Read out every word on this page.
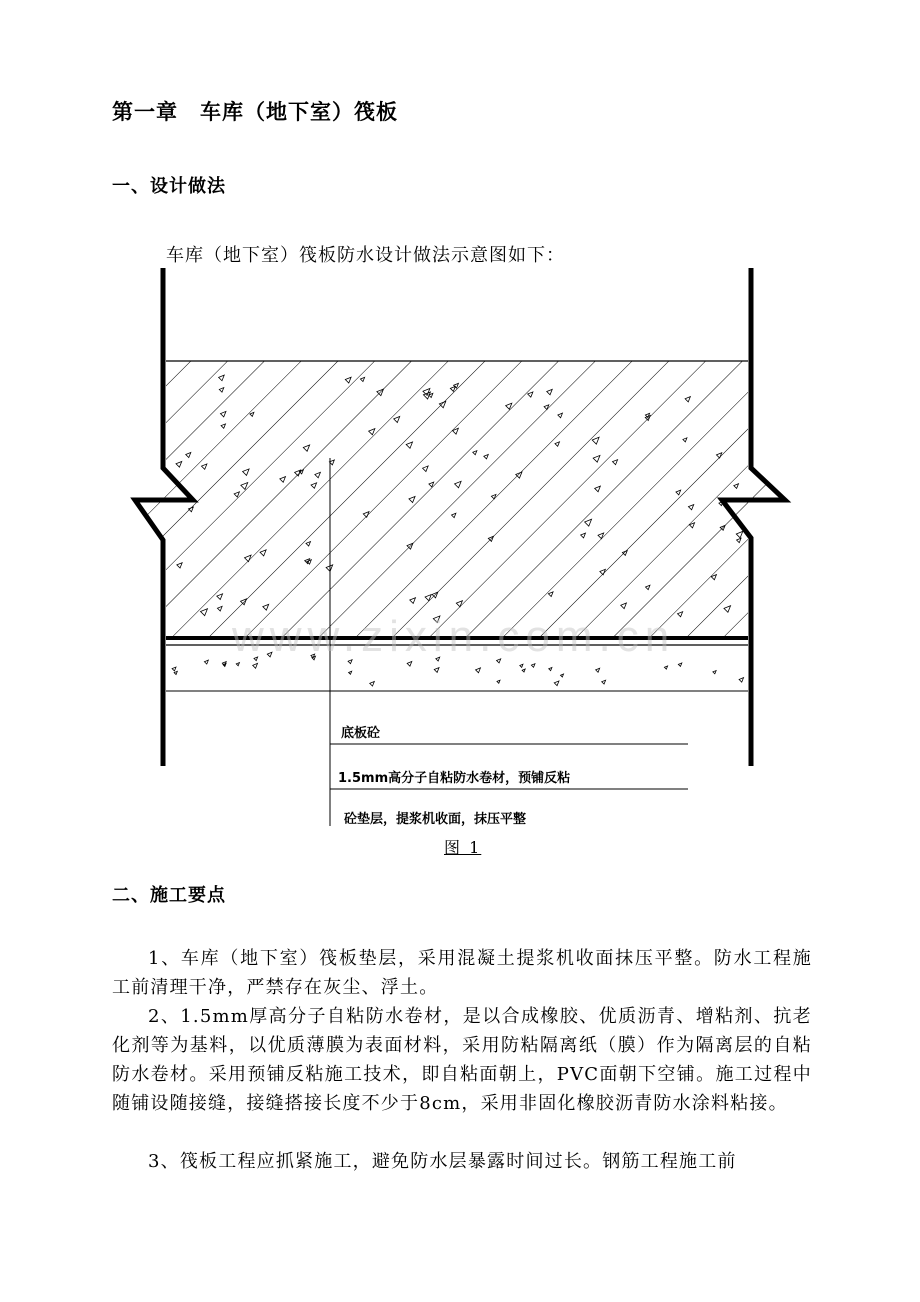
第一章　车库（地下室）筏板
一、设计做法
车库（地下室）筏板防水设计做法示意图如下：
底板砼
1.5mm高分子自粘防水卷材，预铺反粘
砼垫层，提浆机收面，抹压平整
www.zixin.com.cn
图 1
二、施工要点
1、车库（地下室）筏板垫层，采用混凝土提浆机收面抹压平整。防水工程施工前清理干净，严禁存在灰尘、浮土。
2、1.5mm厚高分子自粘防水卷材，是以合成橡胶、优质沥青、增粘剂、抗老化剂等为基料，以优质薄膜为表面材料，采用防粘隔离纸（膜）作为隔离层的自粘防水卷材。采用预铺反粘施工技术，即自粘面朝上，PVC面朝下空铺。施工过程中随铺设随接缝，接缝搭接长度不少于8cm，采用非固化橡胶沥青防水涂料粘接。
3、筏板工程应抓紧施工，避免防水层暴露时间过长。钢筋工程施工前
